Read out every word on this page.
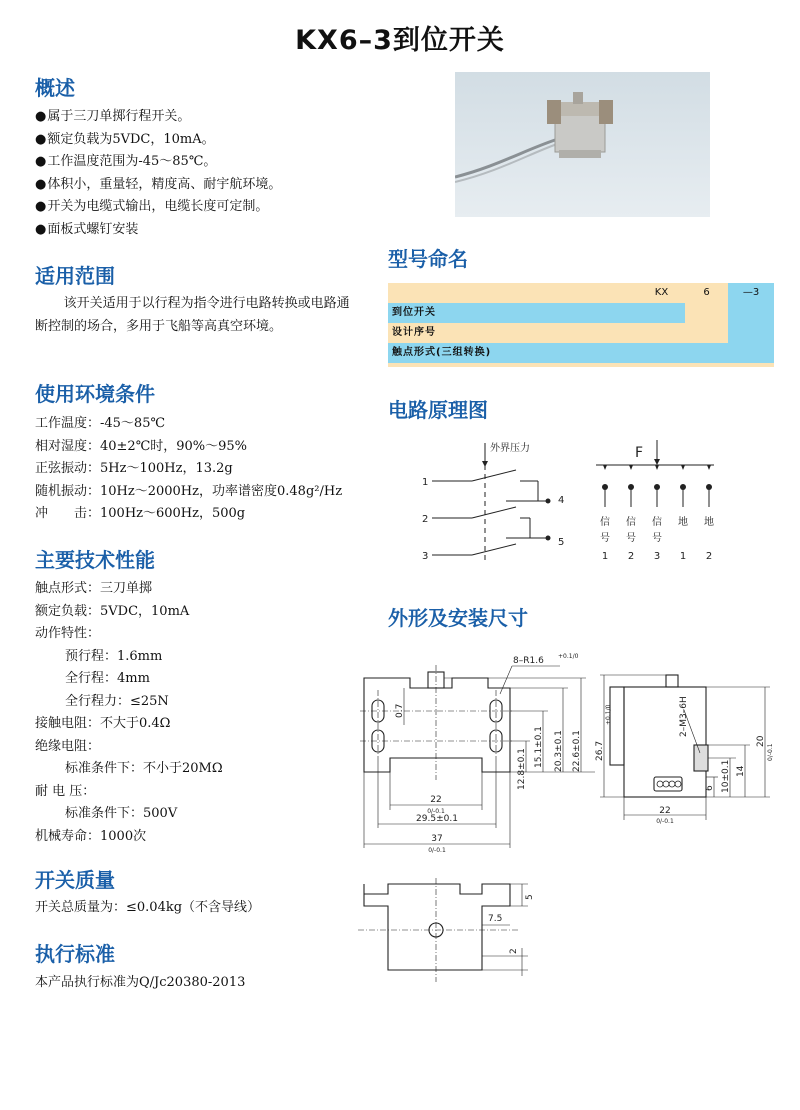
KX6–3到位开关
概述
● 属于三刀单掷行程开关。
● 额定负载为5VDC，10mA。
● 工作温度范围为-45～85℃。
● 体积小，重量轻，精度高、耐宇航环境。
● 开关为电缆式输出，电缆长度可定制。
● 面板式螺钉安装
适用范围
该开关适用于以行程为指令进行电路转换或电路通断控制的场合，多用于飞船等高真空环境。
使用环境条件
工作温度：-45～85℃
相对湿度：40±2℃时，90%～95%
正弦振动：5Hz～100Hz，13.2g
随机振动：10Hz～2000Hz，功率谱密度0.48g²/Hz
冲　　击：100Hz～600Hz，500g
主要技术性能
触点形式：三刀单掷
额定负载：5VDC，10mA
动作特性：
预行程：1.6mm
全行程：4mm
全行程力：≤25N
接触电阻：不大于0.4Ω
绝缘电阻：
标准条件下：不小于20MΩ
耐 电 压：
标准条件下：500V
机械寿命：1000次
开关质量
开关总质量为：≤0.04kg（不含导线）
执行标准
本产品执行标准为Q/Jc20380-2013
型号命名
KX
到位开关
设计序号
6	—3
触点形式(三组转换)
电路原理图
外界压力
1
2
3
4
5
F
信
号
1
信
号
2
信
号
3
地
1
地
2
外形及安装尺寸
8–R1.6 +0.1/0
0.7
22
0/-0.1
29.5±0.1
37
0/-0.1
12.8±0.1
15.1±0.1 20.3±0.1 22.6±0.1 26.7
+0.1/0	2–M3–6H
22
0/-0.1
6 10±0.1 14
20
0/-0.1
7.5
5
2
